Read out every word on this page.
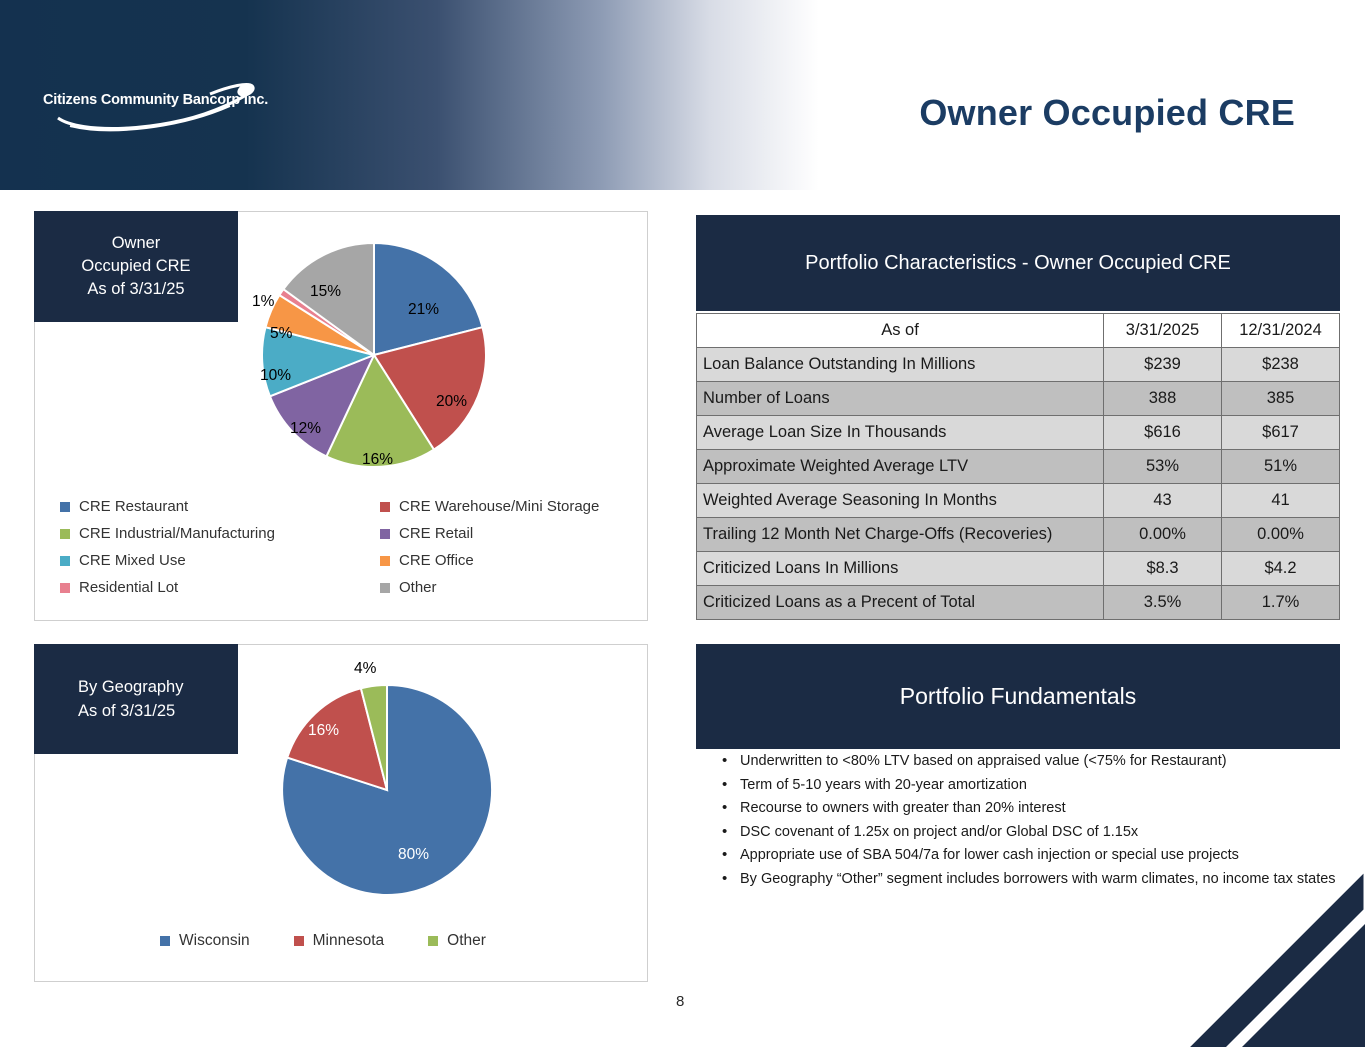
Citizens Community Bancorp Inc.	Owner Occupied CRE
Owner
Occupied CRE
As of 3/31/25
21%
20%
16%
12%
10%
5%
1%
15%
CRE Restaurant	CRE Warehouse/Mini Storage
CRE Industrial/Manufacturing	CRE Retail
CRE Mixed Use	CRE Office
Residential Lot	Other
By Geography
As of 3/31/25
80%
16%
4%
Wisconsin	Minnesota	Other
Portfolio Characteristics - Owner Occupied CRE
As of	3/31/2025	12/31/2024
Loan Balance Outstanding In Millions	$239	$238
Number of Loans	388	385
Average Loan Size In Thousands	$616	$617
Approximate Weighted Average LTV	53%	51%
Weighted Average Seasoning In Months	43	41
Trailing 12 Month Net Charge-Offs (Recoveries)	0.00%	0.00%
Criticized Loans In Millions	$8.3	$4.2
Criticized Loans as a Precent of Total	3.5%	1.7%
Portfolio Fundamentals
• Underwritten to <80% LTV based on appraised value (<75% for Restaurant)
• Term of 5-10 years with 20-year amortization
• Recourse to owners with greater than 20% interest
• DSC covenant of 1.25x on project and/or Global DSC of 1.15x
• Appropriate use of SBA 504/7a for lower cash injection or special use projects
• By Geography “Other” segment includes borrowers with warm climates, no income tax states
8
